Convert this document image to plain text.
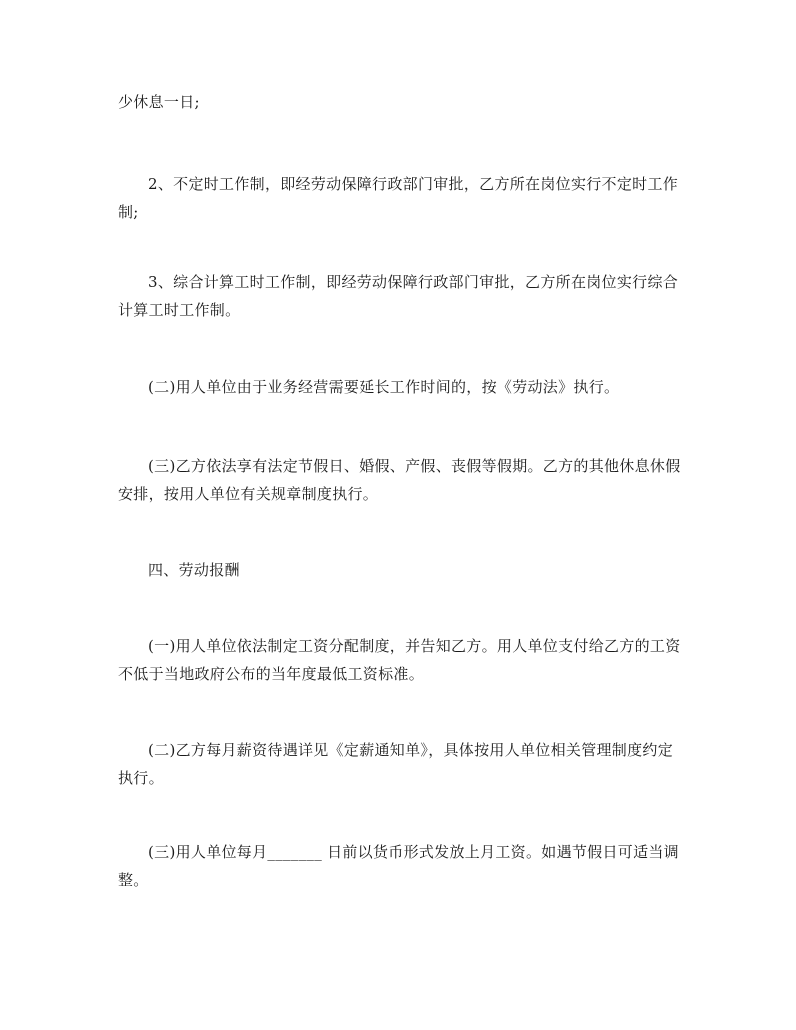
少休息一日;

2、不定时工作制，即经劳动保障行政部门审批，乙方所在岗位实行不定时工作制;

3、综合计算工时工作制，即经劳动保障行政部门审批，乙方所在岗位实行综合计算工时工作制。

(二)用人单位由于业务经营需要延长工作时间的，按《劳动法》执行。

(三)乙方依法享有法定节假日、婚假、产假、丧假等假期。乙方的其他休息休假安排，按用人单位有关规章制度执行。

四、劳动报酬

(一)用人单位依法制定工资分配制度，并告知乙方。用人单位支付给乙方的工资不低于当地政府公布的当年度最低工资标准。

(二)乙方每月薪资待遇详见《定薪通知单》，具体按用人单位相关管理制度约定执行。

(三)用人单位每月_______ 日前以货币形式发放上月工资。如遇节假日可适当调整。
